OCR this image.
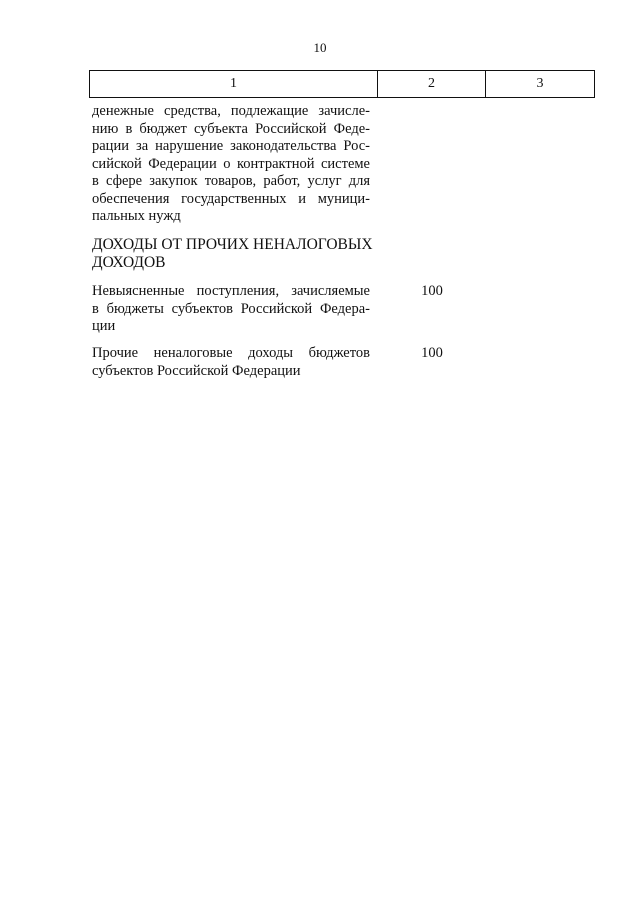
10
1	2	3
денежные средства, подлежащие зачисле-
нию в бюджет субъекта Российской Феде-
рации за нарушение законодательства Рос-
сийской Федерации о контрактной системе
в сфере закупок товаров, работ, услуг для
обеспечения государственных и муници-
пальных нужд
ДОХОДЫ ОТ ПРОЧИХ НЕНАЛОГОВЫХ
ДОХОДОВ
Невыясненные поступления, зачисляемые
в бюджеты субъектов Российской Федера-
ции
100
Прочие неналоговые доходы бюджетов
субъектов Российской Федерации
100
